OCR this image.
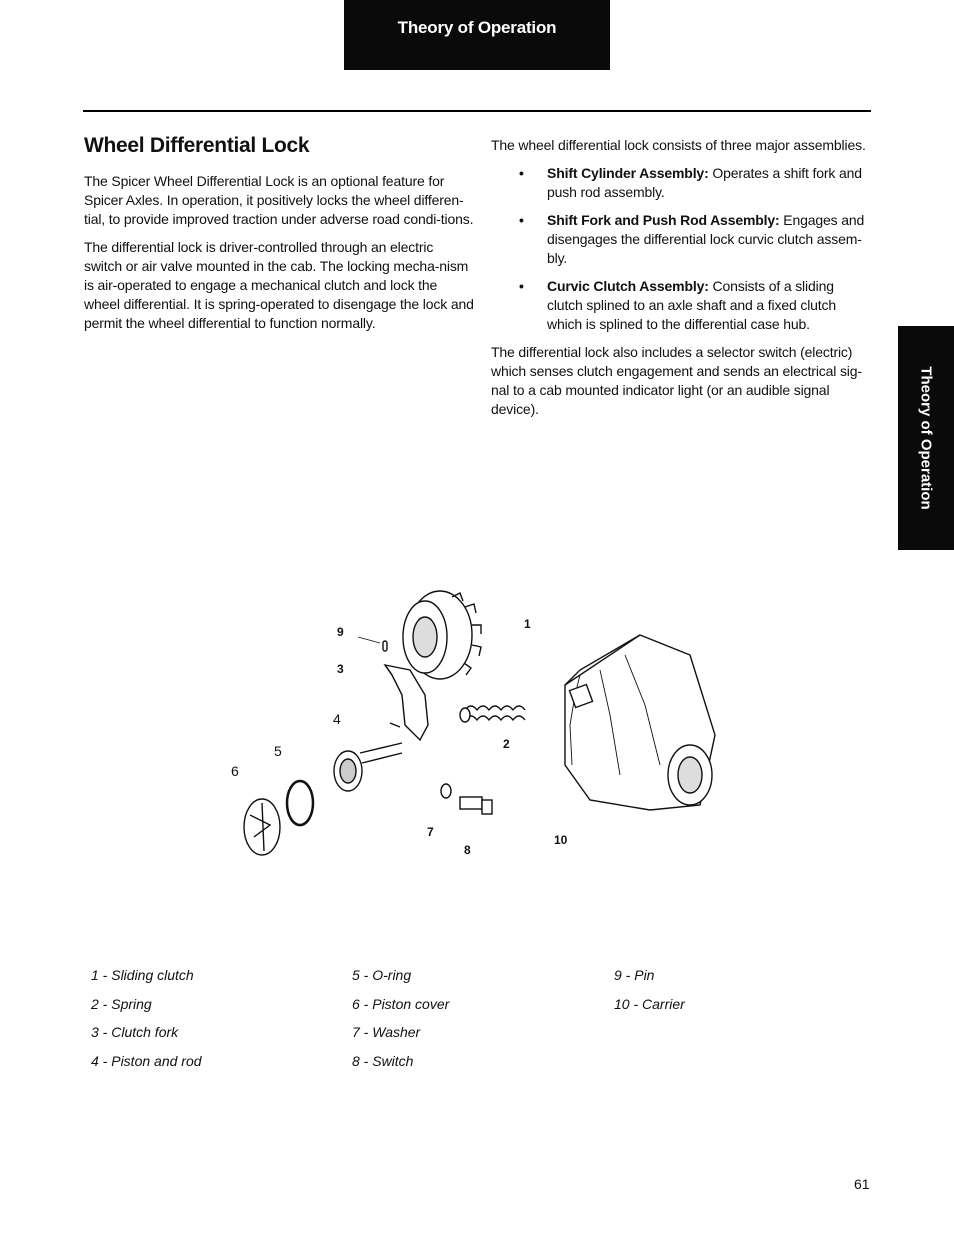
Theory of Operation
Theory of Operation
Wheel Differential Lock

The Spicer Wheel Differential Lock is an optional feature for Spicer Axles. In operation, it positively locks the wheel differen-tial, to provide improved traction under adverse road condi-tions.

The differential lock is driver-controlled through an electric switch or air valve mounted in the cab. The locking mecha-nism is air-operated to engage a mechanical clutch and lock the wheel differential. It is spring-operated to disengage the lock and permit the wheel differential to function normally.

The wheel differential lock consists of three major assemblies.

• Shift Cylinder Assembly: Operates a shift fork and push rod assembly.
• Shift Fork and Push Rod Assembly: Engages and disengages the differential lock curvic clutch assem-bly.
• Curvic Clutch Assembly: Consists of a sliding clutch splined to an axle shaft and a fixed clutch which is splined to the differential case hub.

The differential lock also includes a selector switch (electric) which senses clutch engagement and sends an electrical sig-nal to a cab mounted indicator light (or an audible signal device).

9
3
1
2
4
5
6
7
8
10
1 - Sliding clutch
2 - Spring
3 - Clutch fork
4 - Piston and rod
5 - O-ring
6 - Piston cover
7 - Washer
8 - Switch
9 - Pin
10 - Carrier
61
